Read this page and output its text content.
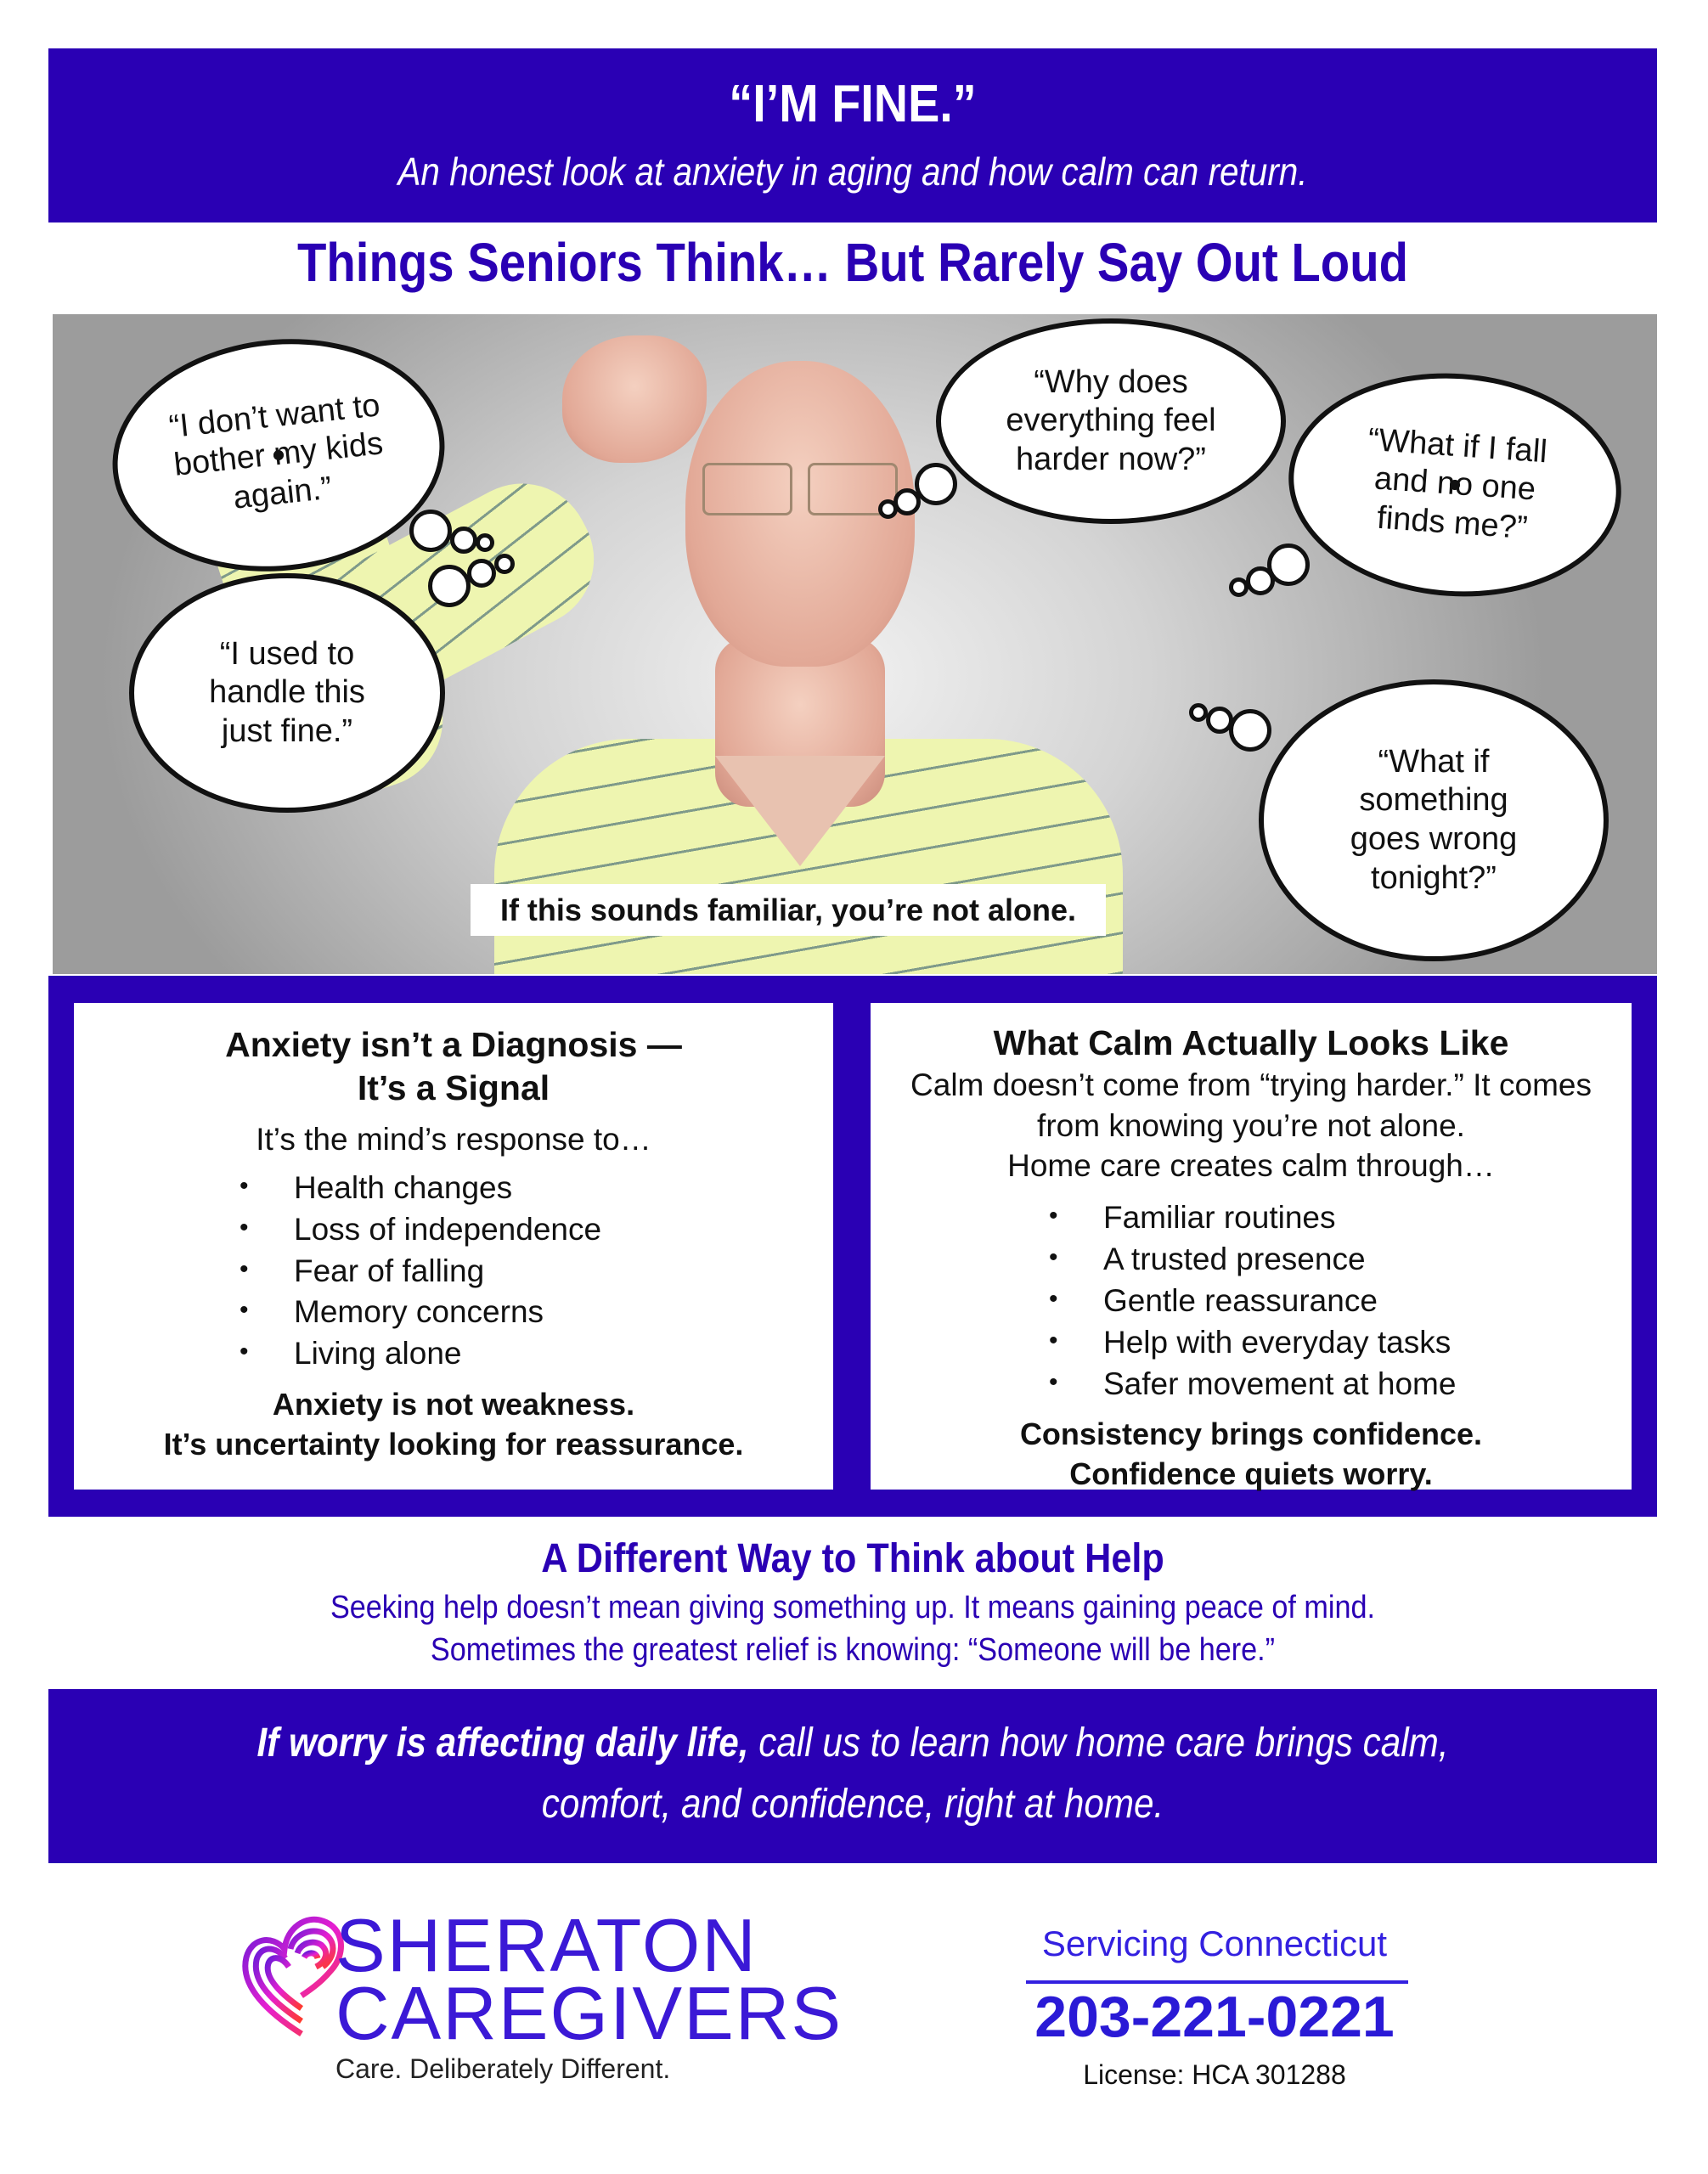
“I’M FINE.”
An honest look at anxiety in aging and how calm can return.
Things Seniors Think… But Rarely Say Out Loud
“I don’t want to bother my kids again.”
“I used to handle this just fine.”
“Why does everything feel harder now?”	“What if I fall and no one finds me?”
“What if something goes wrong tonight?”
If this sounds familiar, you’re not alone.
Anxiety isn’t a Diagnosis —
It’s a Signal
It’s the mind’s response to…
• Health changes
• Loss of independence
• Fear of falling
• Memory concerns
• Living alone
Anxiety is not weakness.
It’s uncertainty looking for reassurance.
What Calm Actually Looks Like
Calm doesn’t come from “trying harder.” It comes
from knowing you’re not alone.
Home care creates calm through…
• Familiar routines
• A trusted presence
• Gentle reassurance
• Help with everyday tasks
• Safer movement at home
Consistency brings confidence.
Confidence quiets worry.
A Different Way to Think about Help
Seeking help doesn’t mean giving something up. It means gaining peace of mind.
Sometimes the greatest relief is knowing: “Someone will be here.”
If worry is affecting daily life, call us to learn how home care brings calm,
comfort, and confidence, right at home.
SHERATON
CAREGIVERS
Care. Deliberately Different.
Servicing Connecticut
203-221-0221
License: HCA 301288
